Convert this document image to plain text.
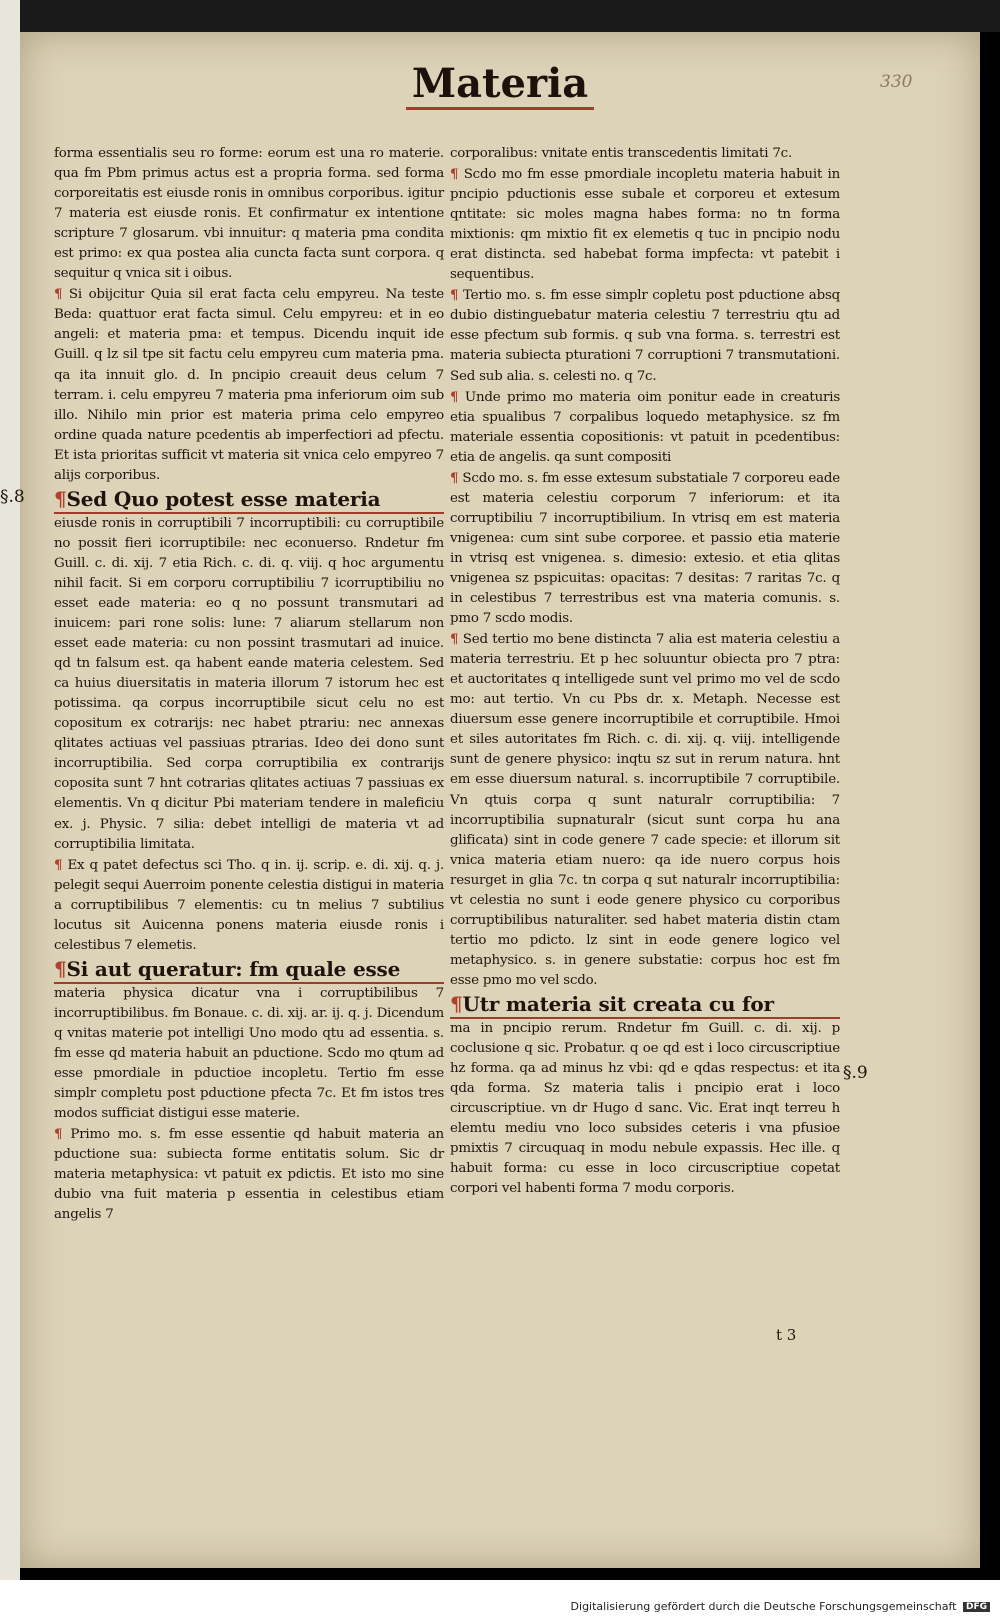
Materia	330

forma essentialis seu ro forme: eorum est una ro materie. qua fm Pbm primus actus est a propria forma. sed forma corporeitatis est eiusde ronis in omnibus corporibus. igitur 7 materia est eiusde ronis. Et confirmatur ex intentione scripture 7 glosarum. vbi innuitur: q materia pma condita est primo: ex qua postea alia cuncta facta sunt corpora. q sequitur q vnica sit i oibus.

¶ Si obijcitur Quia sil erat facta celu empyreu. Na teste Beda: quattuor erat facta simul. Celu empyreu: et in eo angeli: et materia pma: et tempus. Dicendu inquit ide Guill. q lz sil tpe sit factu celu empyreu cum materia pma. qa ita innuit glo. d. In pncipio creauit deus celum 7 terram. i. celu empyreu 7 materia pma inferiorum oim sub illo. Nihilo min prior est materia prima celo empyreo ordine quada nature pcedentis ab imperfectiori ad pfectu. Et ista prioritas sufficit vt materia sit vnica celo empyreo 7 alijs corporibus.

¶Sed Quo potest esse materia

eiusde ronis in corruptibili 7 incorruptibili: cu corruptibile no possit fieri icorruptibile: nec econuerso. Rndetur fm Guill. c. di. xij. 7 etia Rich. c. di. q. viij. q hoc argumentu nihil facit. Si em corporu corruptibiliu 7 icorruptibiliu no esset eade materia: eo q no possunt transmutari ad inuicem: pari rone solis: lune: 7 aliarum stellarum non esset eade materia: cu non possint trasmutari ad inuice. qd tn falsum est. qa habent eande materia celestem. Sed ca huius diuersitatis in materia illorum 7 istorum hec est potissima. qa corpus incorruptibile sicut celu no est copositum ex cotrarijs: nec habet ptrariu: nec annexas qlitates actiuas vel passiuas ptrarias. Ideo dei dono sunt incorruptibilia. Sed corpa corruptibilia ex contrarijs coposita sunt 7 hnt cotrarias qlitates actiuas 7 passiuas ex elementis. Vn q dicitur Pbi materiam tendere in maleficiu ex. j. Physic. 7 silia: debet intelligi de materia vt ad corruptibilia limitata.

¶ Ex q patet defectus sci Tho. q in. ij. scrip. e. di. xij. q. j. pelegit sequi Auerroim ponente celestia distigui in materia a corruptibilibus 7 elementis: cu tn melius 7 subtilius locutus sit Auicenna ponens materia eiusde ronis i celestibus 7 elemetis.

¶Si aut queratur: fm quale esse

materia physica dicatur vna i corruptibilibus 7 incorruptibilibus. fm Bonaue. c. di. xij. ar. ij. q. j. Dicendum q vnitas materie pot intelligi Uno modo qtu ad essentia. s. fm esse qd materia habuit an pductione. Scdo mo qtum ad esse pmordiale in pductioe incopletu. Tertio fm esse simplr completu post pductione pfecta 7c. Et fm istos tres modos sufficiat distigui esse materie.

¶ Primo mo. s. fm esse essentie qd habuit materia an pductione sua: subiecta forme entitatis solum. Sic dr materia metaphysica: vt patuit ex pdictis. Et isto mo sine dubio vna fuit materia p essentia in celestibus etiam angelis 7

corporalibus: vnitate entis transcedentis limitati 7c.

¶ Scdo mo fm esse pmordiale incopletu materia habuit in pncipio pductionis esse subale et corporeu et extesum qntitate: sic moles magna habes forma: no tn forma mixtionis: qm mixtio fit ex elemetis q tuc in pncipio nodu erat distincta. sed habebat forma impfecta: vt patebit i sequentibus.

¶ Tertio mo. s. fm esse simplr copletu post pductione absq dubio distinguebatur materia celestiu 7 terrestriu qtu ad esse pfectum sub formis. q sub vna forma. s. terrestri est materia subiecta pturationi 7 corruptioni 7 transmutationi. Sed sub alia. s. celesti no. q 7c.

¶ Unde primo mo materia oim ponitur eade in creaturis etia spualibus 7 corpalibus loquedo metaphysice. sz fm materiale essentia copositionis: vt patuit in pcedentibus: etia de angelis. qa sunt compositi

¶ Scdo mo. s. fm esse extesum substatiale 7 corporeu eade est materia celestiu corporum 7 inferiorum: et ita corruptibiliu 7 incorruptibilium. In vtrisq em est materia vnigenea: cum sint sube corporee. et passio etia materie in vtrisq est vnigenea. s. dimesio: extesio. et etia qlitas vnigenea sz pspicuitas: opacitas: 7 desitas: 7 raritas 7c. q in celestibus 7 terrestribus est vna materia comunis. s. pmo 7 scdo modis.

¶ Sed tertio mo bene distincta 7 alia est materia celestiu a materia terrestriu. Et p hec soluuntur obiecta pro 7 ptra: et auctoritates q intelligede sunt vel primo mo vel de scdo mo: aut tertio. Vn cu Pbs dr. x. Metaph. Necesse est diuersum esse genere incorruptibile et corruptibile. Hmoi et siles autoritates fm Rich. c. di. xij. q. viij. intelligende sunt de genere physico: inqtu sz sut in rerum natura. hnt em esse diuersum natural. s. incorruptibile 7 corruptibile. Vn qtuis corpa q sunt naturalr corruptibilia: 7 incorruptibilia supnaturalr (sicut sunt corpa hu ana glificata) sint in code genere 7 cade specie: et illorum sit vnica materia etiam nuero: qa ide nuero corpus hois resurget in glia 7c. tn corpa q sut naturalr incorruptibilia: vt celestia no sunt i eode genere physico cu corporibus corruptibilibus naturaliter. sed habet materia distin ctam tertio mo pdicto. lz sint in eode genere logico vel metaphysico. s. in genere substatie: corpus hoc est fm esse pmo mo vel scdo.

¶Utr materia sit creata cu for

ma in pncipio rerum. Rndetur fm Guill. c. di. xij. p coclusione q sic. Probatur. q oe qd est i loco circuscriptiue hz forma. qa ad minus hz vbi: qd e qdas respectus: et ita qda forma. Sz materia talis i pncipio erat i loco circuscriptiue. vn dr Hugo d sanc. Vic. Erat inqt terreu h elemtu mediu vno loco subsides ceteris i vna pfusioe pmixtis 7 circuquaq in modu nebule expassis. Hec ille. q habuit forma: cu esse in loco circuscriptiue copetat corpori vel habenti forma 7 modu corporis.

t 3
§.8
§.9
Digitalisierung gefördert durch die Deutsche Forschungsgemeinschaft DFG
